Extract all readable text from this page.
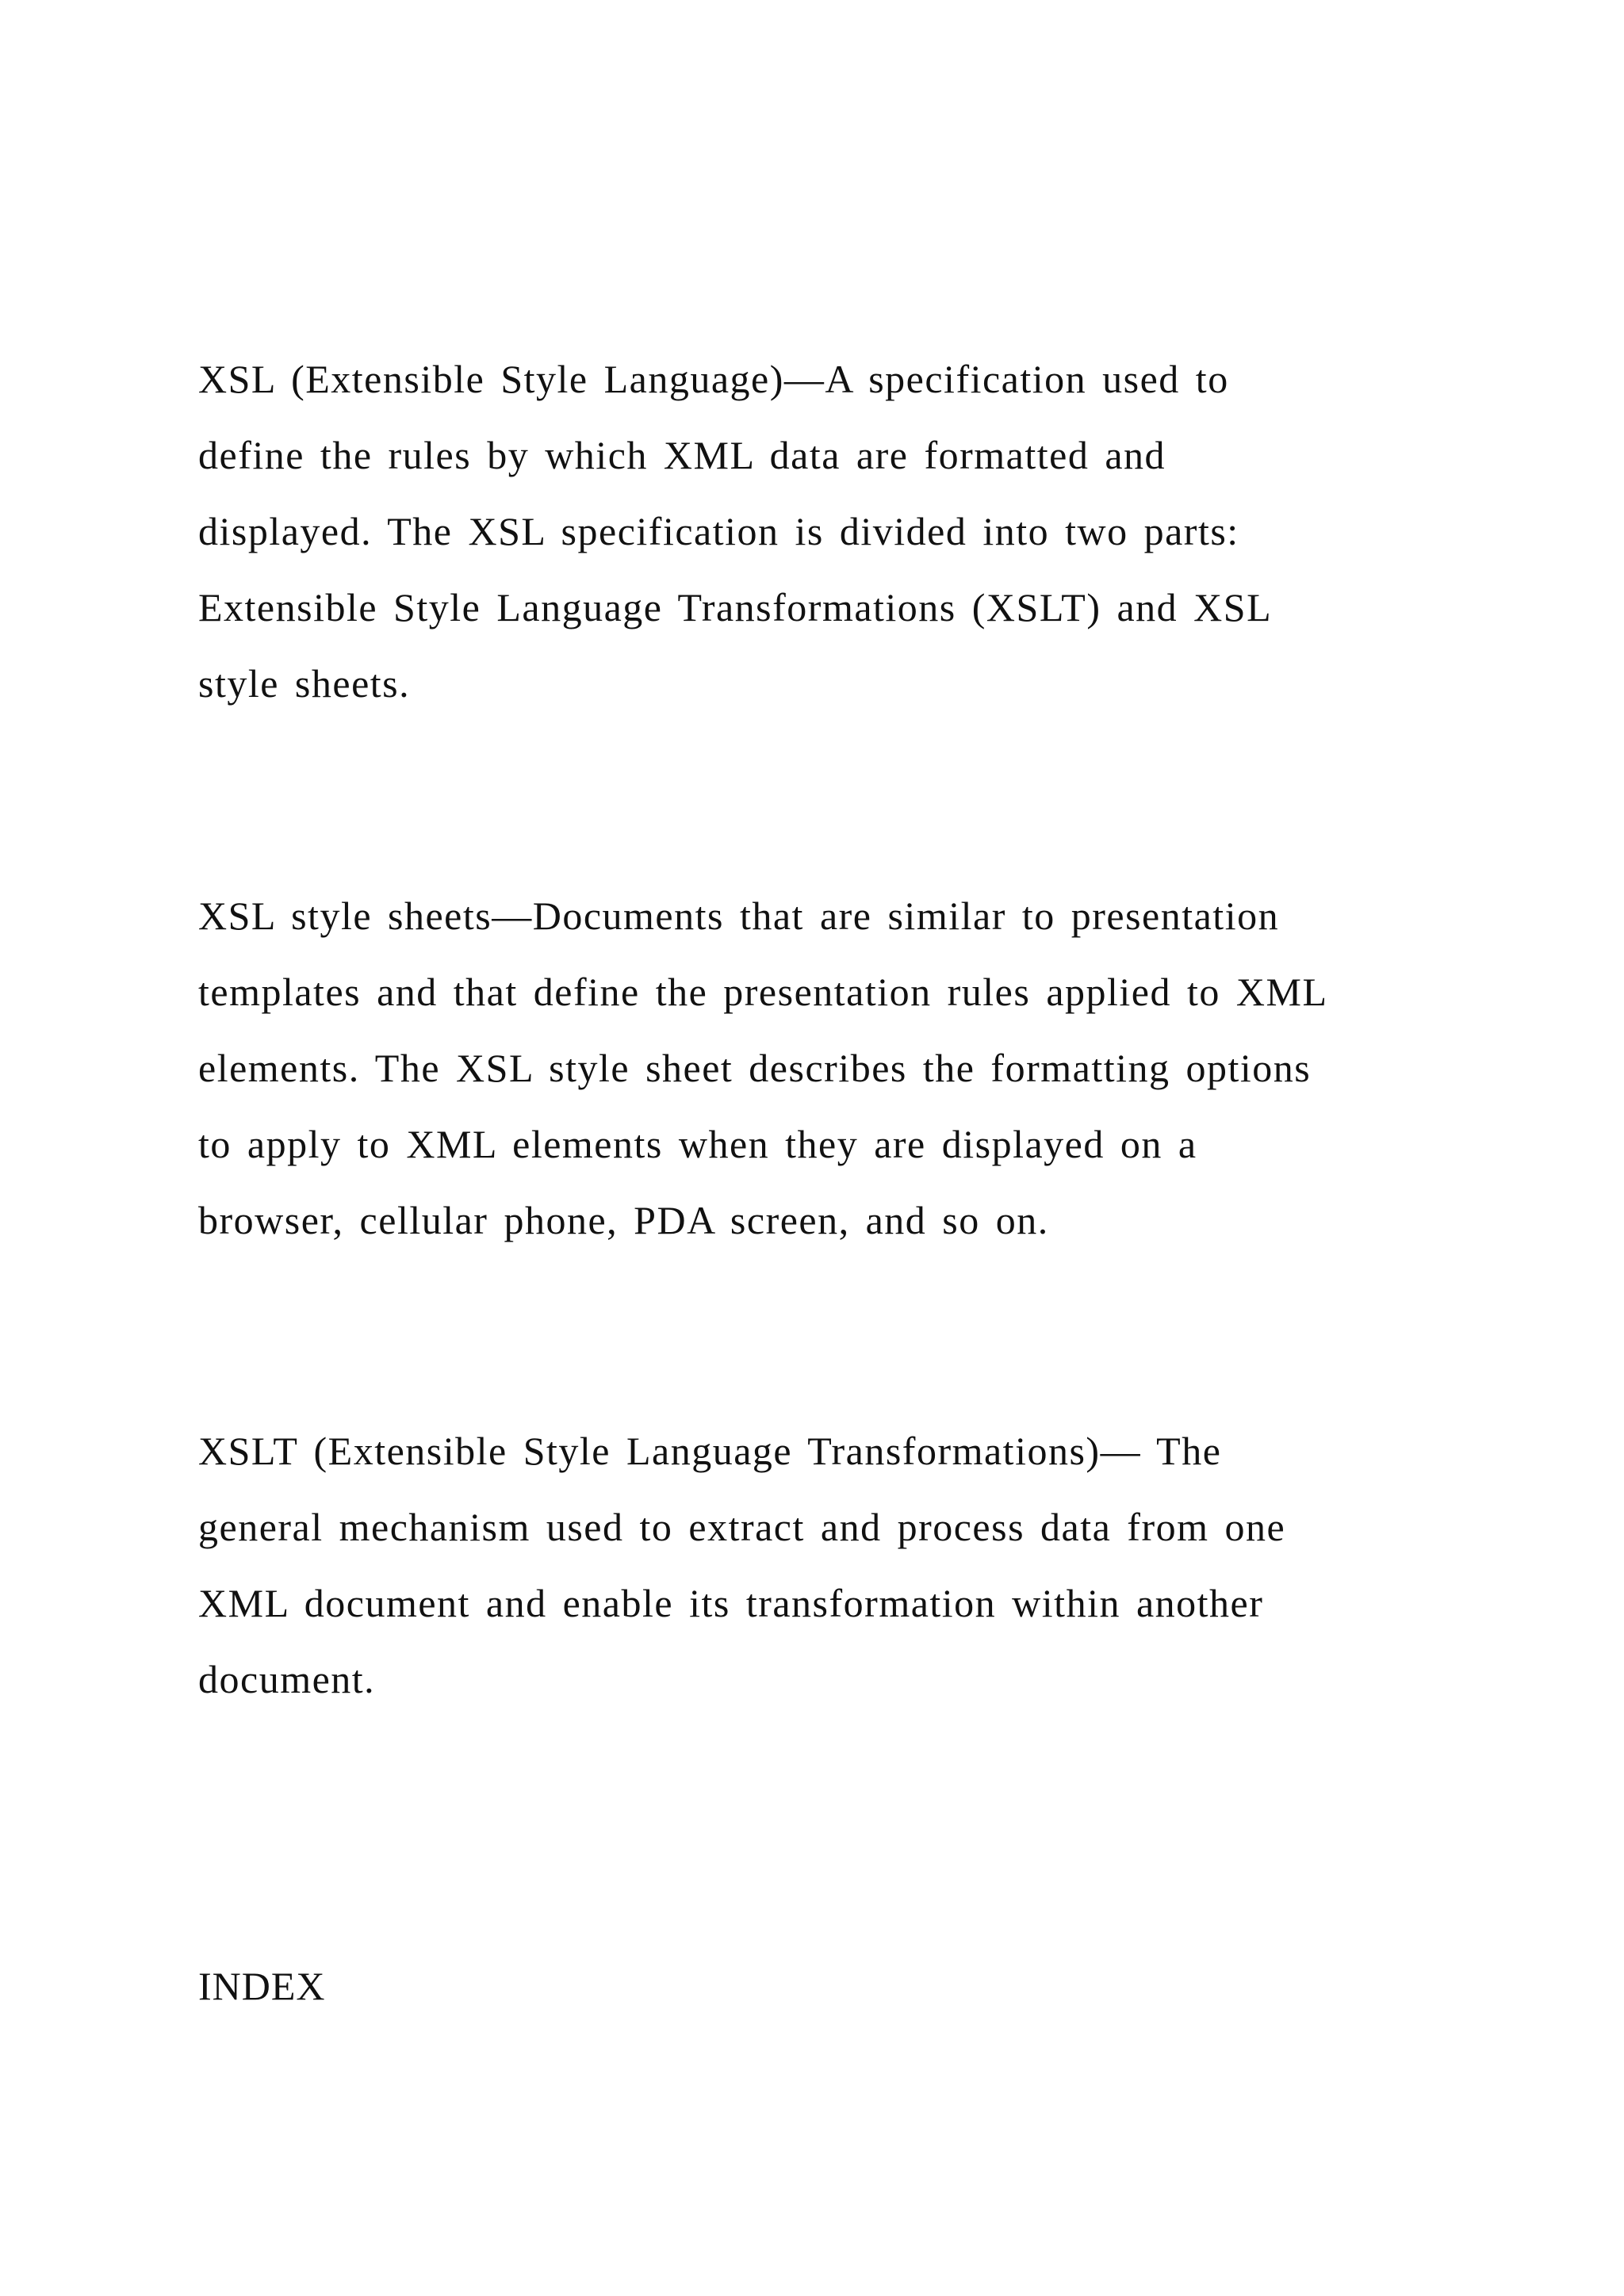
XSL (Extensible Style Language)—A specification used to
define the rules by which XML data are formatted and
displayed. The XSL specification is divided into two parts:
Extensible Style Language Transformations (XSLT) and XSL
style sheets.
XSL style sheets—Documents that are similar to presentation
templates and that define the presentation rules applied to XML
elements. The XSL style sheet describes the formatting options
to apply to XML elements when they are displayed on a
browser, cellular phone, PDA screen, and so on.
XSLT (Extensible Style Language Transformations)— The
general mechanism used to extract and process data from one
XML document and enable its transformation within another
document.
INDEX
